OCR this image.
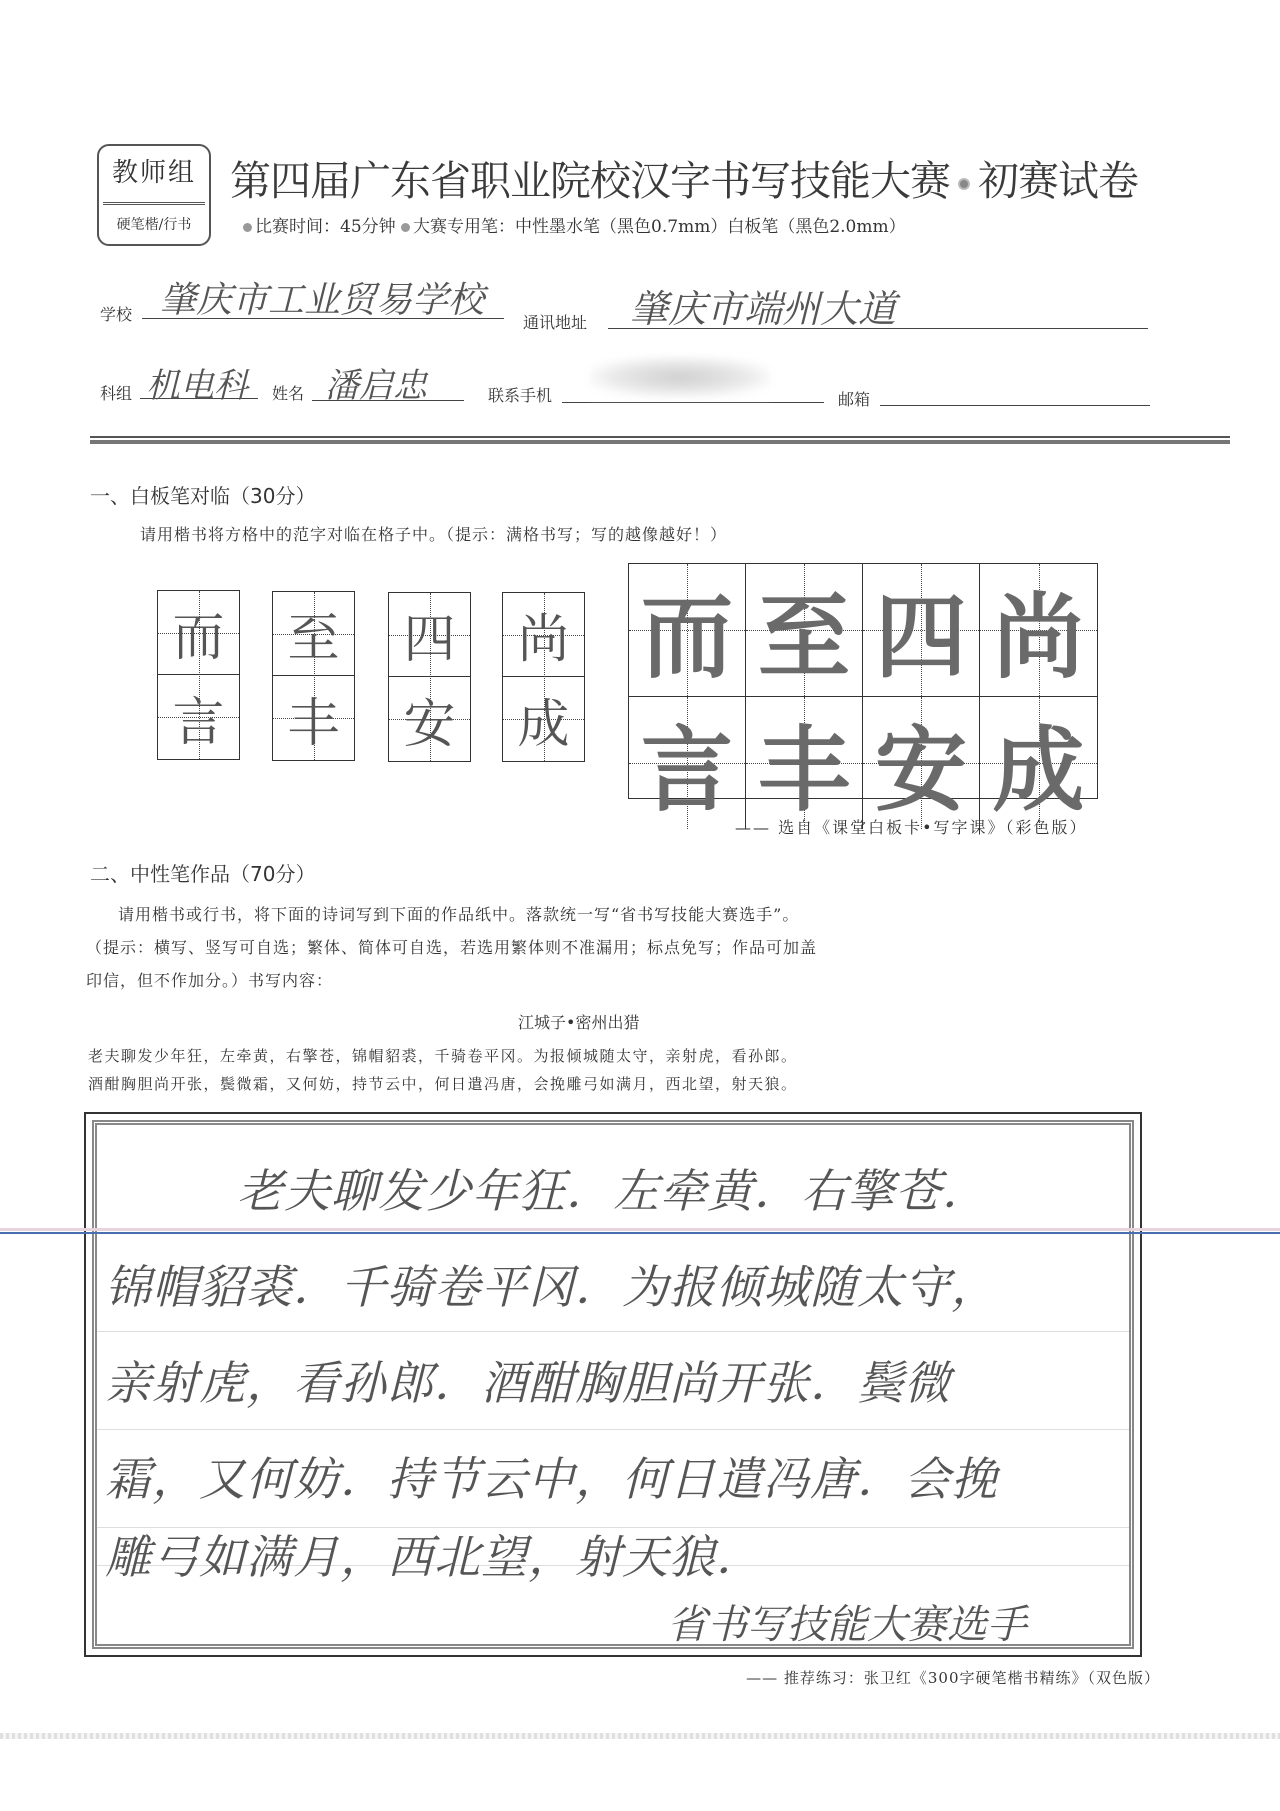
教师组
硬笔楷/行书
第四届广东省职业院校汉字书写技能大赛 初赛试卷
比赛时间：45分钟 大赛专用笔：中性墨水笔（黑色0.7mm）白板笔（黑色2.0mm）
学校 肇庆市工业贸易学校
通讯地址 肇庆市端州大道
科组 机电科 姓名 潘启忠	联系手机	邮箱
一、白板笔对临（30分）
请用楷书将方格中的范字对临在格子中。（提示：满格书写；写的越像越好！）
而
言
至
丰
四
安
尚
成
而 至 四 尚
言 丰 安 成
—— 选自《课堂白板卡•写字课》（彩色版）
二、中性笔作品（70分）
请用楷书或行书，将下面的诗词写到下面的作品纸中。落款统一写“省书写技能大赛选手”。
（提示：横写、竖写可自选；繁体、简体可自选，若选用繁体则不准漏用；标点免写；作品可加盖
印信，但不作加分。）书写内容：
江城子•密州出猎
老夫聊发少年狂，左牵黄，右擎苍，锦帽貂裘，千骑卷平冈。为报倾城随太守，亲射虎，看孙郎。
酒酣胸胆尚开张，鬓微霜，又何妨，持节云中，何日遣冯唐，会挽雕弓如满月，西北望，射天狼。
老夫聊发少年狂．左牵黄．右擎苍．
锦帽貂裘．千骑卷平冈．为报倾城随太守，
亲射虎，看孙郎．酒酣胸胆尚开张．鬓微
霜，又何妨．持节云中，何日遣冯唐．会挽
雕弓如满月，西北望，射天狼．
省书写技能大赛选手
—— 推荐练习：张卫红《300字硬笔楷书精练》（双色版）
